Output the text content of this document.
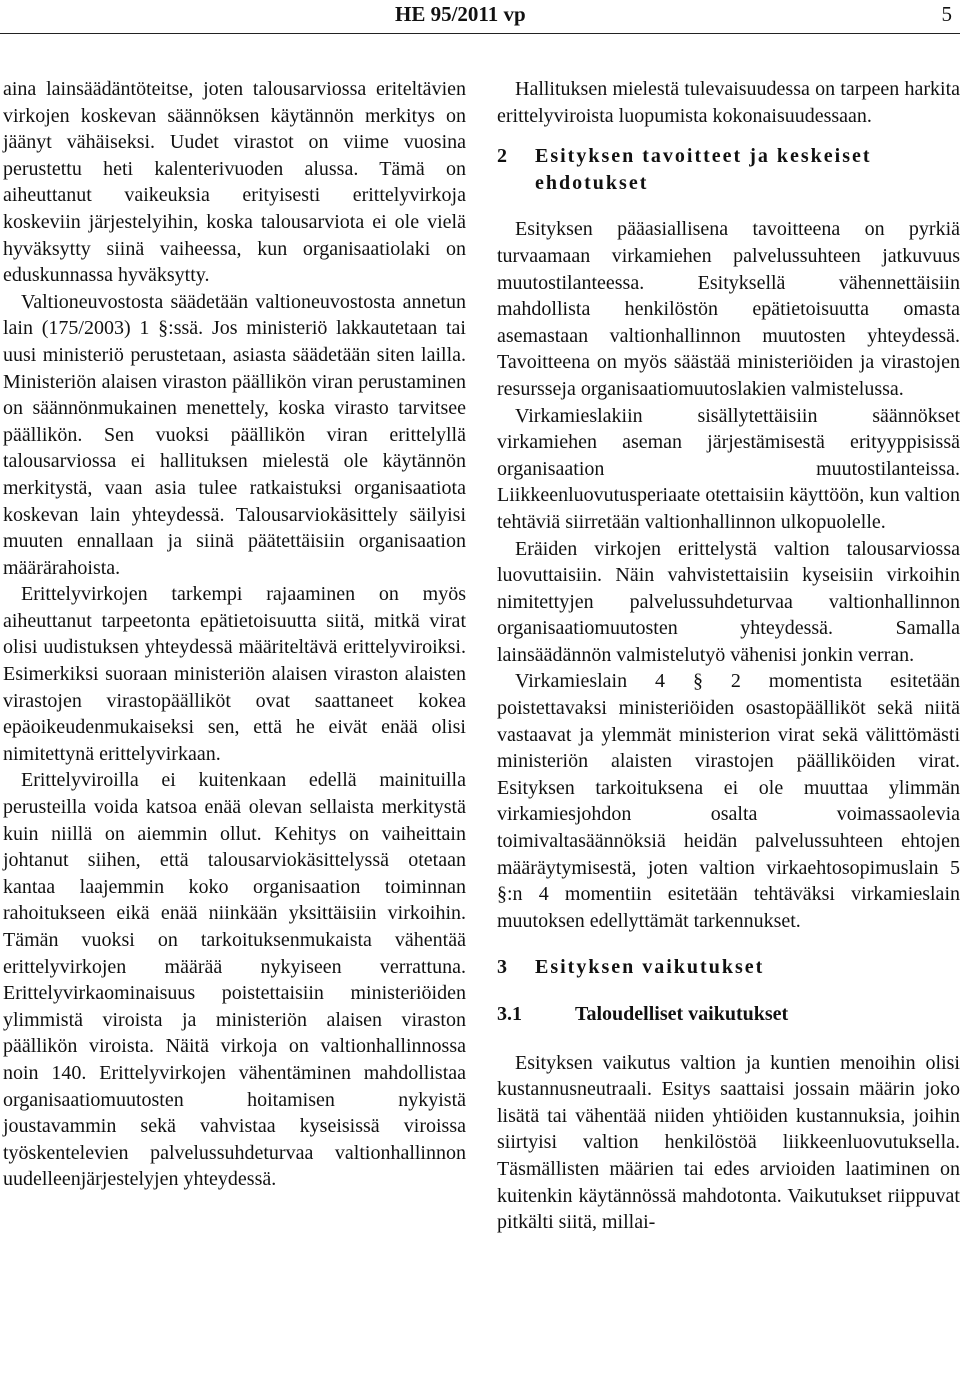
HE 95/2011 vp	5

aina lainsäädäntöteitse, joten talousarviossa eriteltävien virkojen koskevan säännöksen käytännön merkitys on jäänyt vähäiseksi. Uudet virastot on viime vuosina perustettu heti kalenterivuoden alussa. Tämä on aiheuttanut vaikeuksia erityisesti erittelyvirkoja koskeviin järjestelyihin, koska talousarviota ei ole vielä hyväksytty siinä vaiheessa, kun organisaatiolaki on eduskunnassa hyväksytty.

Valtioneuvostosta säädetään valtioneuvostosta annetun lain (175/2003) 1 §:ssä. Jos ministeriö lakkautetaan tai uusi ministeriö perustetaan, asiasta säädetään siten lailla. Ministeriön alaisen viraston päällikön viran perustaminen on säännönmukainen menettely, koska virasto tarvitsee päällikön. Sen vuoksi päällikön viran erittelyllä talousarviossa ei hallituksen mielestä ole käytännön merkitystä, vaan asia tulee ratkaistuksi organisaatiota koskevan lain yhteydessä. Talousarviokäsittely säilyisi muuten ennallaan ja siinä päätettäisiin organisaation määrärahoista.

Erittelyvirkojen tarkempi rajaaminen on myös aiheuttanut tarpeetonta epätietoisuutta siitä, mitkä virat olisi uudistuksen yhteydessä määriteltävä erittelyviroiksi. Esimerkiksi suoraan ministeriön alaisen viraston alaisten virastojen virastopäälliköt ovat saattaneet kokea epäoikeudenmukaiseksi sen, että he eivät enää olisi nimitettynä erittelyvirkaan.

Erittelyviroilla ei kuitenkaan edellä mainituilla perusteilla voida katsoa enää olevan sellaista merkitystä kuin niillä on aiemmin ollut. Kehitys on vaiheittain johtanut siihen, että talousarviokäsittelyssä otetaan kantaa laajemmin koko organisaation toiminnan rahoitukseen eikä enää niinkään yksittäisiin virkoihin. Tämän vuoksi on tarkoituksenmukaista vähentää erittelyvirkojen määrää nykyiseen verrattuna. Erittelyvirkaominaisuus poistettaisiin ministeriöiden ylimmistä viroista ja ministeriön alaisen viraston päällikön viroista. Näitä virkoja on valtionhallinnossa noin 140. Erittelyvirkojen vähentäminen mahdollistaa organisaatiomuutosten hoitamisen nykyistä joustavammin sekä vahvistaa kyseisissä viroissa työskentelevien palvelussuhdeturvaa valtionhallinnon uudelleenjärjestelyjen yhteydessä.

Hallituksen mielestä tulevaisuudessa on tarpeen harkita erittelyviroista luopumista kokonaisuudessaan.

2	Esityksen tavoitteet ja keskeiset ehdotukset

Esityksen pääasiallisena tavoitteena on pyrkiä turvaamaan virkamiehen palvelussuhteen jatkuvuus muutostilanteessa. Esityksellä vähennettäisiin mahdollista henkilöstön epätietoisuutta omasta asemastaan valtionhallinnon muutosten yhteydessä. Tavoitteena on myös säästää ministeriöiden ja virastojen resursseja organisaatiomuutoslakien valmistelussa.

Virkamieslakiin sisällytettäisiin säännökset virkamiehen aseman järjestämisestä erityyppisissä organisaation muutostilanteissa. Liikkeenluovutusperiaate otettaisiin käyttöön, kun valtion tehtäviä siirretään valtionhallinnon ulkopuolelle.

Eräiden virkojen erittelystä valtion talousarviossa luovuttaisiin. Näin vahvistettaisiin kyseisiin virkoihin nimitettyjen palvelussuhdeturvaa valtionhallinnon organisaatiomuutosten yhteydessä. Samalla lainsäädännön valmistelutyö vähenisi jonkin verran.

Virkamieslain 4 § 2 momentista esitetään poistettavaksi ministeriöiden osastopäälliköt sekä niitä vastaavat ja ylemmät ministerion virat sekä välittömästi ministeriön alaisten virastojen päälliköiden virat. Esityksen tarkoituksena ei ole muuttaa ylimmän virkamiesjohdon osalta voimassaolevia toimivaltasäännöksiä heidän palvelussuhteen ehtojen määräytymisestä, joten valtion virkaehtosopimuslain 5 §:n 4 momentiin esitetään tehtäväksi virkamieslain muutoksen edellyttämät tarkennukset.

3	Esityksen vaikutukset
3.1	Taloudelliset vaikutukset

Esityksen vaikutus valtion ja kuntien menoihin olisi kustannusneutraali. Esitys saattaisi jossain määrin joko lisätä tai vähentää niiden yhtiöiden kustannuksia, joihin siirtyisi valtion henkilöstöä liikkeenluovutuksella. Täsmällisten määrien tai edes arvioiden laatiminen on kuitenkin käytännössä mahdotonta. Vaikutukset riippuvat pitkälti siitä, millai-
